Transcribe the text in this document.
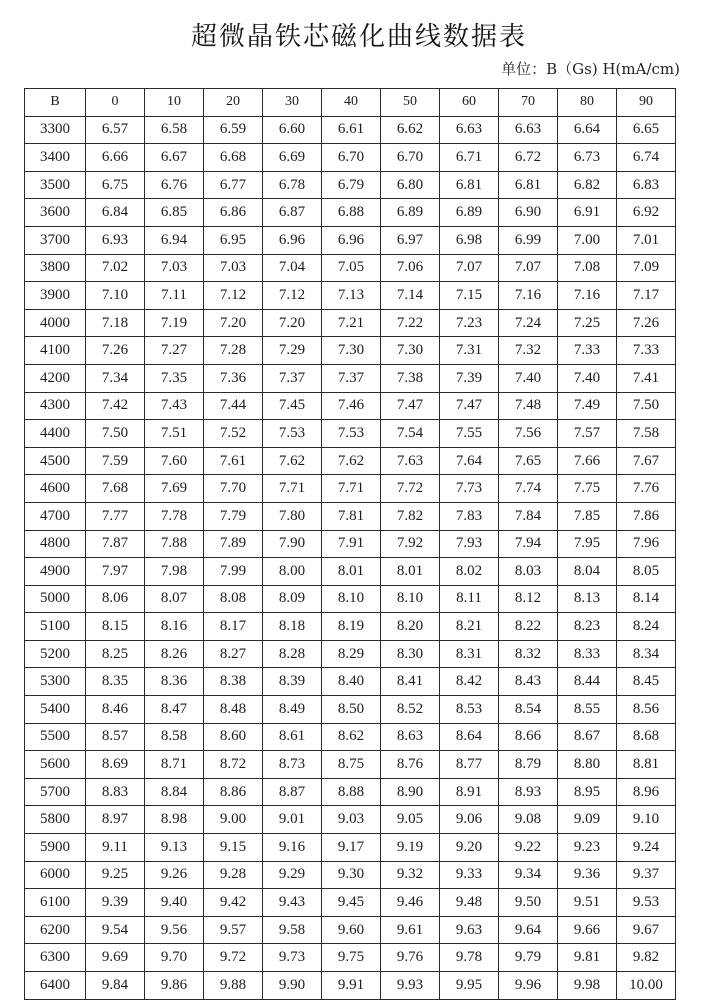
超微晶铁芯磁化曲线数据表
单位：B（Gs) H(mA/cm)
B	0	10	20	30	40	50	60	70	80	90
3300	6.57	6.58	6.59	6.60	6.61	6.62	6.63	6.63	6.64	6.65
3400	6.66	6.67	6.68	6.69	6.70	6.70	6.71	6.72	6.73	6.74
3500	6.75	6.76	6.77	6.78	6.79	6.80	6.81	6.81	6.82	6.83
3600	6.84	6.85	6.86	6.87	6.88	6.89	6.89	6.90	6.91	6.92
3700	6.93	6.94	6.95	6.96	6.96	6.97	6.98	6.99	7.00	7.01
3800	7.02	7.03	7.03	7.04	7.05	7.06	7.07	7.07	7.08	7.09
3900	7.10	7.11	7.12	7.12	7.13	7.14	7.15	7.16	7.16	7.17
4000	7.18	7.19	7.20	7.20	7.21	7.22	7.23	7.24	7.25	7.26
4100	7.26	7.27	7.28	7.29	7.30	7.30	7.31	7.32	7.33	7.33
4200	7.34	7.35	7.36	7.37	7.37	7.38	7.39	7.40	7.40	7.41
4300	7.42	7.43	7.44	7.45	7.46	7.47	7.47	7.48	7.49	7.50
4400	7.50	7.51	7.52	7.53	7.53	7.54	7.55	7.56	7.57	7.58
4500	7.59	7.60	7.61	7.62	7.62	7.63	7.64	7.65	7.66	7.67
4600	7.68	7.69	7.70	7.71	7.71	7.72	7.73	7.74	7.75	7.76
4700	7.77	7.78	7.79	7.80	7.81	7.82	7.83	7.84	7.85	7.86
4800	7.87	7.88	7.89	7.90	7.91	7.92	7.93	7.94	7.95	7.96
4900	7.97	7.98	7.99	8.00	8.01	8.01	8.02	8.03	8.04	8.05
5000	8.06	8.07	8.08	8.09	8.10	8.10	8.11	8.12	8.13	8.14
5100	8.15	8.16	8.17	8.18	8.19	8.20	8.21	8.22	8.23	8.24
5200	8.25	8.26	8.27	8.28	8.29	8.30	8.31	8.32	8.33	8.34
5300	8.35	8.36	8.38	8.39	8.40	8.41	8.42	8.43	8.44	8.45
5400	8.46	8.47	8.48	8.49	8.50	8.52	8.53	8.54	8.55	8.56
5500	8.57	8.58	8.60	8.61	8.62	8.63	8.64	8.66	8.67	8.68
5600	8.69	8.71	8.72	8.73	8.75	8.76	8.77	8.79	8.80	8.81
5700	8.83	8.84	8.86	8.87	8.88	8.90	8.91	8.93	8.95	8.96
5800	8.97	8.98	9.00	9.01	9.03	9.05	9.06	9.08	9.09	9.10
5900	9.11	9.13	9.15	9.16	9.17	9.19	9.20	9.22	9.23	9.24
6000	9.25	9.26	9.28	9.29	9.30	9.32	9.33	9.34	9.36	9.37
6100	9.39	9.40	9.42	9.43	9.45	9.46	9.48	9.50	9.51	9.53
6200	9.54	9.56	9.57	9.58	9.60	9.61	9.63	9.64	9.66	9.67
6300	9.69	9.70	9.72	9.73	9.75	9.76	9.78	9.79	9.81	9.82
6400	9.84	9.86	9.88	9.90	9.91	9.93	9.95	9.96	9.98	10.00
